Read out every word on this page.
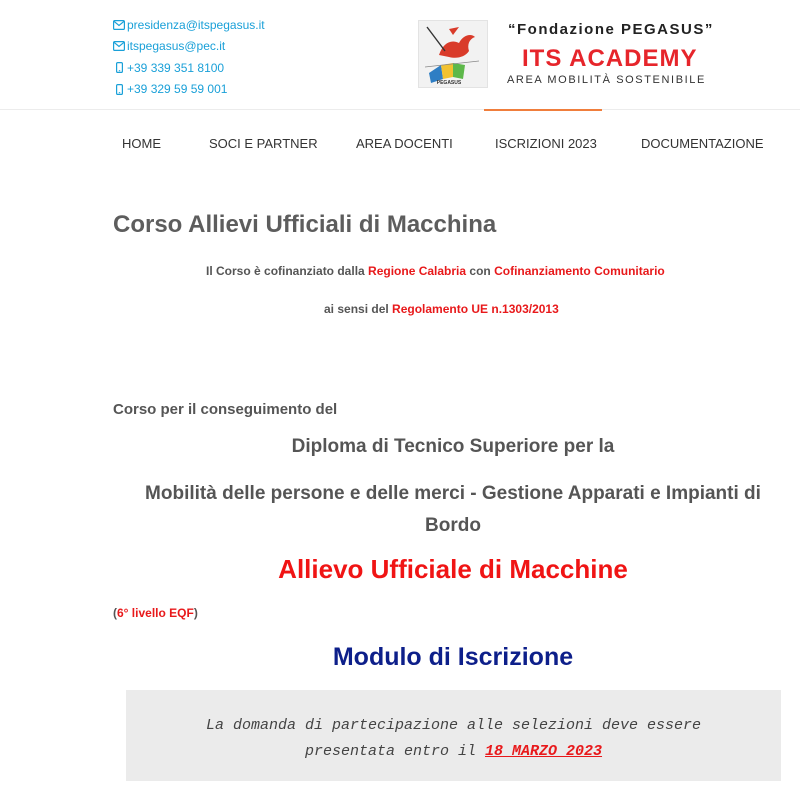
presidenza@itspegasus.it
itspegasus@pec.it
+39 339 351 8100
+39 329 59 59 001	PEGASUS
“Fondazione PEGASUS”
ITS ACADEMY
AREA MOBILITÀ SOSTENIBILE
HOME	SOCI E PARTNER	AREA DOCENTI	ISCRIZIONI 2023	DOCUMENTAZIONE
Corso Allievi Ufficiali di Macchina
Il Corso è cofinanziato dalla Regione Calabria con Cofinanziamento Comunitario
ai sensi del Regolamento UE n.1303/2013
Corso per il conseguimento del
Diploma di Tecnico Superiore per la
Mobilità delle persone e delle merci - Gestione Apparati e Impianti di
Bordo
Allievo Ufficiale di Macchine
(6° livello EQF)
Modulo di Iscrizione
La domanda di partecipazione alle selezioni deve essere
presentata entro il 18 MARZO 2023
